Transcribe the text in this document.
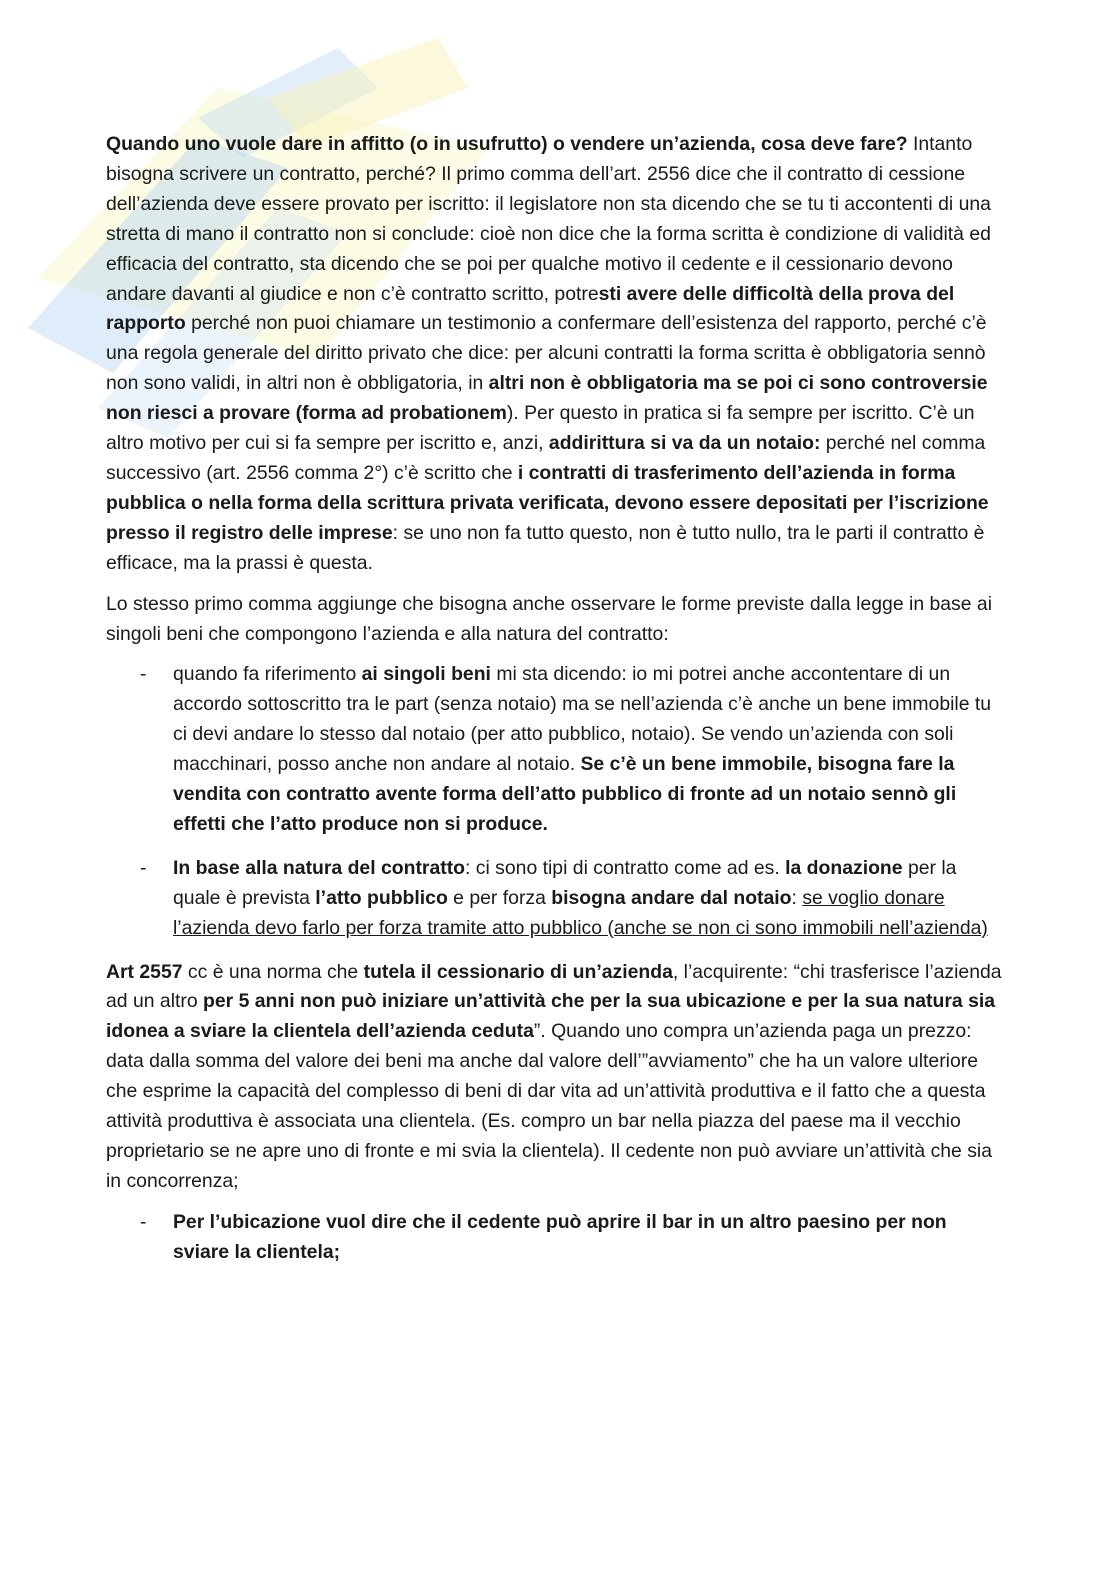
Quando uno vuole dare in affitto (o in usufrutto) o vendere un’azienda, cosa deve fare? Intanto bisogna scrivere un contratto, perché? Il primo comma dell’art. 2556 dice che il contratto di cessione dell’azienda deve essere provato per iscritto: il legislatore non sta dicendo che se tu ti accontenti di una stretta di mano il contratto non si conclude: cioè non dice che la forma scritta è condizione di validità ed efficacia del contratto, sta dicendo che se poi per qualche motivo il cedente e il cessionario devono andare davanti al giudice e non c’è contratto scritto, potresti avere delle difficoltà della prova del rapporto perché non puoi chiamare un testimonio a confermare dell’esistenza del rapporto, perché c’è una regola generale del diritto privato che dice: per alcuni contratti la forma scritta è obbligatoria sennò non sono validi, in altri non è obbligatoria, in altri non è obbligatoria ma se poi ci sono controversie non riesci a provare (forma ad probationem). Per questo in pratica si fa sempre per iscritto. C’è un altro motivo per cui si fa sempre per iscritto e, anzi, addirittura si va da un notaio: perché nel comma successivo (art. 2556 comma 2°) c’è scritto che i contratti di trasferimento dell’azienda in forma pubblica o nella forma della scrittura privata verificata, devono essere depositati per l’iscrizione presso il registro delle imprese: se uno non fa tutto questo, non è tutto nullo, tra le parti il contratto è efficace, ma la prassi è questa.

Lo stesso primo comma aggiunge che bisogna anche osservare le forme previste dalla legge in base ai singoli beni che compongono l’azienda e alla natura del contratto:

- quando fa riferimento ai singoli beni mi sta dicendo: io mi potrei anche accontentare di un accordo sottoscritto tra le part (senza notaio) ma se nell’azienda c’è anche un bene immobile tu ci devi andare lo stesso dal notaio (per atto pubblico, notaio). Se vendo un’azienda con soli macchinari, posso anche non andare al notaio. Se c’è un bene immobile, bisogna fare la vendita con contratto avente forma dell’atto pubblico di fronte ad un notaio sennò gli effetti che l’atto produce non si produce.
- In base alla natura del contratto: ci sono tipi di contratto come ad es. la donazione per la quale è prevista l’atto pubblico e per forza bisogna andare dal notaio: se voglio donare l’azienda devo farlo per forza tramite atto pubblico (anche se non ci sono immobili nell’azienda)

Art 2557 cc è una norma che tutela il cessionario di un’azienda, l’acquirente: “chi trasferisce l’azienda ad un altro per 5 anni non può iniziare un’attività che per la sua ubicazione e per la sua natura sia idonea a sviare la clientela dell’azienda ceduta”. Quando uno compra un’azienda paga un prezzo: data dalla somma del valore dei beni ma anche dal valore dell’”avviamento” che ha un valore ulteriore che esprime la capacità del complesso di beni di dar vita ad un’attività produttiva e il fatto che a questa attività produttiva è associata una clientela. (Es. compro un bar nella piazza del paese ma il vecchio proprietario se ne apre uno di fronte e mi svia la clientela). Il cedente non può avviare un’attività che sia in concorrenza;

- Per l’ubicazione vuol dire che il cedente può aprire il bar in un altro paesino per non sviare la clientela;
